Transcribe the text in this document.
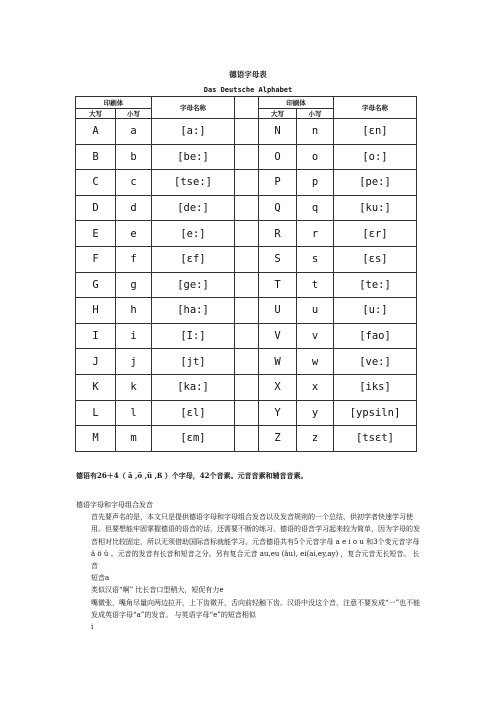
德语字母表
Das Deutsche Alphabet
印刷体		字母名称		印刷体		字母名称
大写	小写			大写	小写	
A	a	[a:]		N	n	[ɛn]
B	b	[be:]		O	o	[o:]
C	c	[tse:]		P	p	[pe:]
D	d	[de:]		Q	q	[ku:]
E	e	[e:]		R	r	[ɛr]
F	f	[ɛf]		S	s	[ɛs]
G	g	[ge:]		T	t	[te:]
H	h	[ha:]		U	u	[u:]
I	i	[I:]		V	v	[fao]
J	j	[jt]		W	w	[ve:]
K	k	[ka:]		X	x	[iks]
L	l	[ɛl]		Y	y	[ypsiln]
M	m	[ɛm]		Z	z	[tsɛt]
德语有26＋4（ ä ,ö ,ü ,ß ）个字母，42个音素。元音音素和辅音音素。

德语字母和字母组合发音

首先要声名的是，本文只是提供德语字母和字母组合发音以及发音规则的一个总结，供初学者快速学习使用。但要想能牢固掌握德语的语音的话，还需要不断的练习。德语的语音学习起来较为简单，因为字母的发音相对比较固定，所以无须借助国际音标就能学习。元音德语共有5个元音字母 a e i o u 和3个变元音字母ä ö ü 。元音的发音有长音和短音之分。另有复合元音 au,eu (äu), ei(ai,ey,ay) ，复合元音无长短音。 长音

短音a

类似汉语“啊” 比长音口型稍大，短促有力e

嘴微张，嘴角尽量向两边拉开，上下齿微开，舌向前轻触下齿。汉语中没这个音，注意不要发成“一”也不能发成英语字母“a”的发音。 与英语字母“e”的短音相似

i
